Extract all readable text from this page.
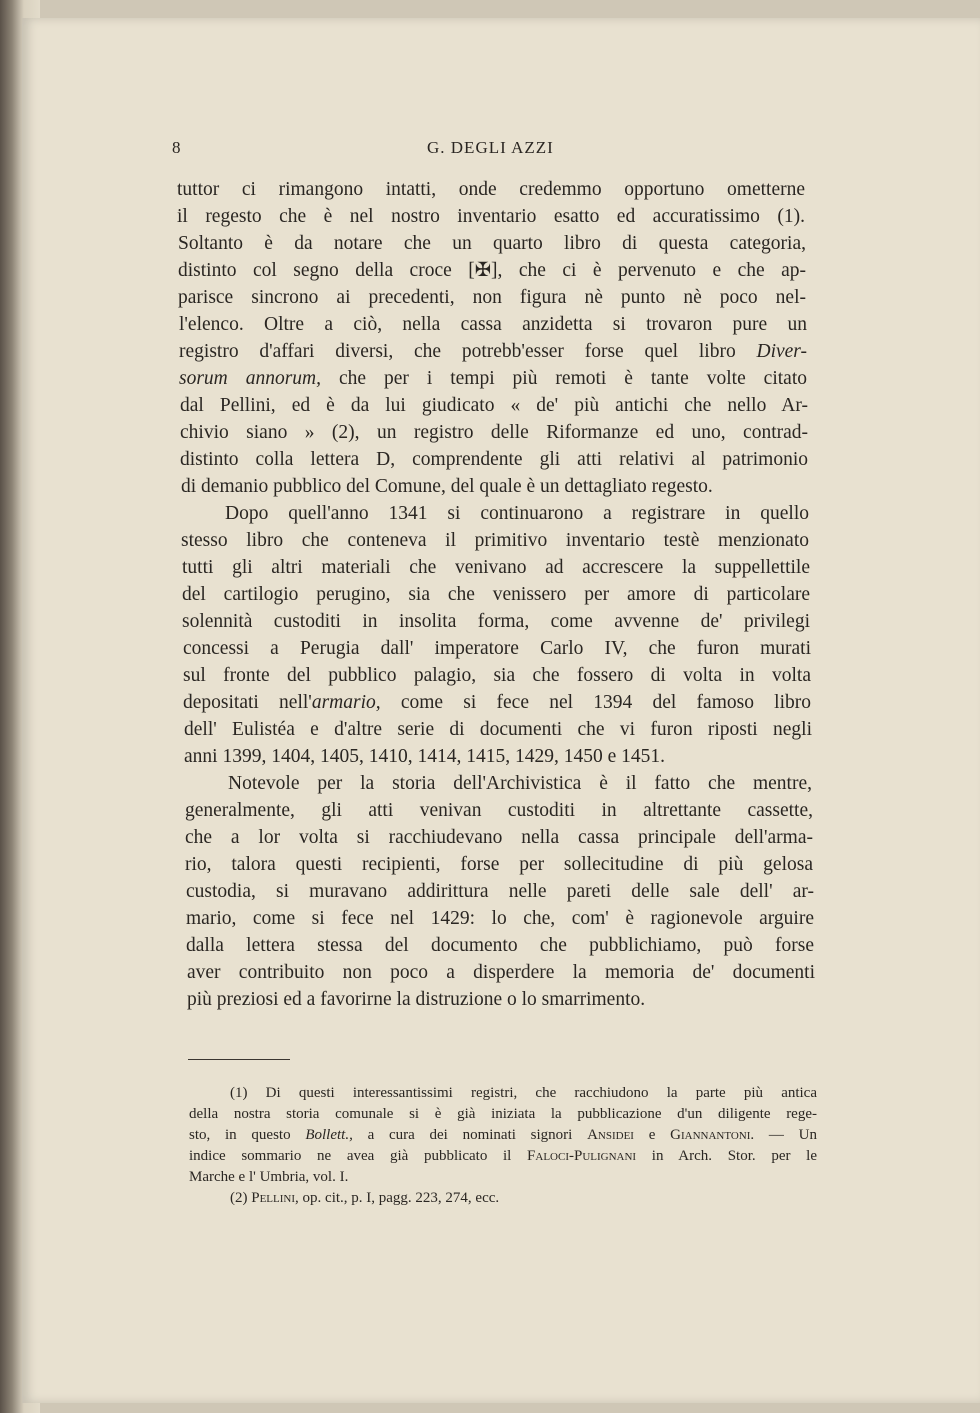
8	G. DEGLI AZZI
tuttor ci rimangono intatti, onde credemmo opportuno ometterne
il regesto che è nel nostro inventario esatto ed accuratissimo (1).
Soltanto è da notare che un quarto libro di questa categoria,
distinto col segno della croce [✠], che ci è pervenuto e che ap-
parisce sincrono ai precedenti, non figura nè punto nè poco nel-
l'elenco. Oltre a ciò, nella cassa anzidetta si trovaron pure un
registro d'affari diversi, che potrebb'esser forse quel libro Diver-
sorum annorum, che per i tempi più remoti è tante volte citato
dal Pellini, ed è da lui giudicato « de' più antichi che nello Ar-
chivio siano » (2), un registro delle Riformanze ed uno, contrad-
distinto colla lettera D, comprendente gli atti relativi al patrimonio
di demanio pubblico del Comune, del quale è un dettagliato regesto.
Dopo quell'anno 1341 si continuarono a registrare in quello
stesso libro che conteneva il primitivo inventario testè menzionato
tutti gli altri materiali che venivano ad accrescere la suppellettile
del cartilogio perugino, sia che venissero per amore di particolare
solennità custoditi in insolita forma, come avvenne de' privilegi
concessi a Perugia dall' imperatore Carlo IV, che furon murati
sul fronte del pubblico palagio, sia che fossero di volta in volta
depositati nell'armario, come si fece nel 1394 del famoso libro
dell' Eulistéa e d'altre serie di documenti che vi furon riposti negli
anni 1399, 1404, 1405, 1410, 1414, 1415, 1429, 1450 e 1451.
Notevole per la storia dell'Archivistica è il fatto che mentre,
generalmente, gli atti venivan custoditi in altrettante cassette,
che a lor volta si racchiudevano nella cassa principale dell'arma-
rio, talora questi recipienti, forse per sollecitudine di più gelosa
custodia, si muravano addirittura nelle pareti delle sale dell' ar-
mario, come si fece nel 1429: lo che, com' è ragionevole arguire
dalla lettera stessa del documento che pubblichiamo, può forse
aver contribuito non poco a disperdere la memoria de' documenti
più preziosi ed a favorirne la distruzione o lo smarrimento.
(1) Di questi interessantissimi registri, che racchiudono la parte più antica
della nostra storia comunale si è già iniziata la pubblicazione d'un diligente rege-
sto, in questo Bollett., a cura dei nominati signori Ansidei e Giannantoni. — Un
indice sommario ne avea già pubblicato il Faloci-Pulignani in Arch. Stor. per le
Marche e l' Umbria, vol. I.
(2) Pellini, op. cit., p. I, pagg. 223, 274, ecc.
